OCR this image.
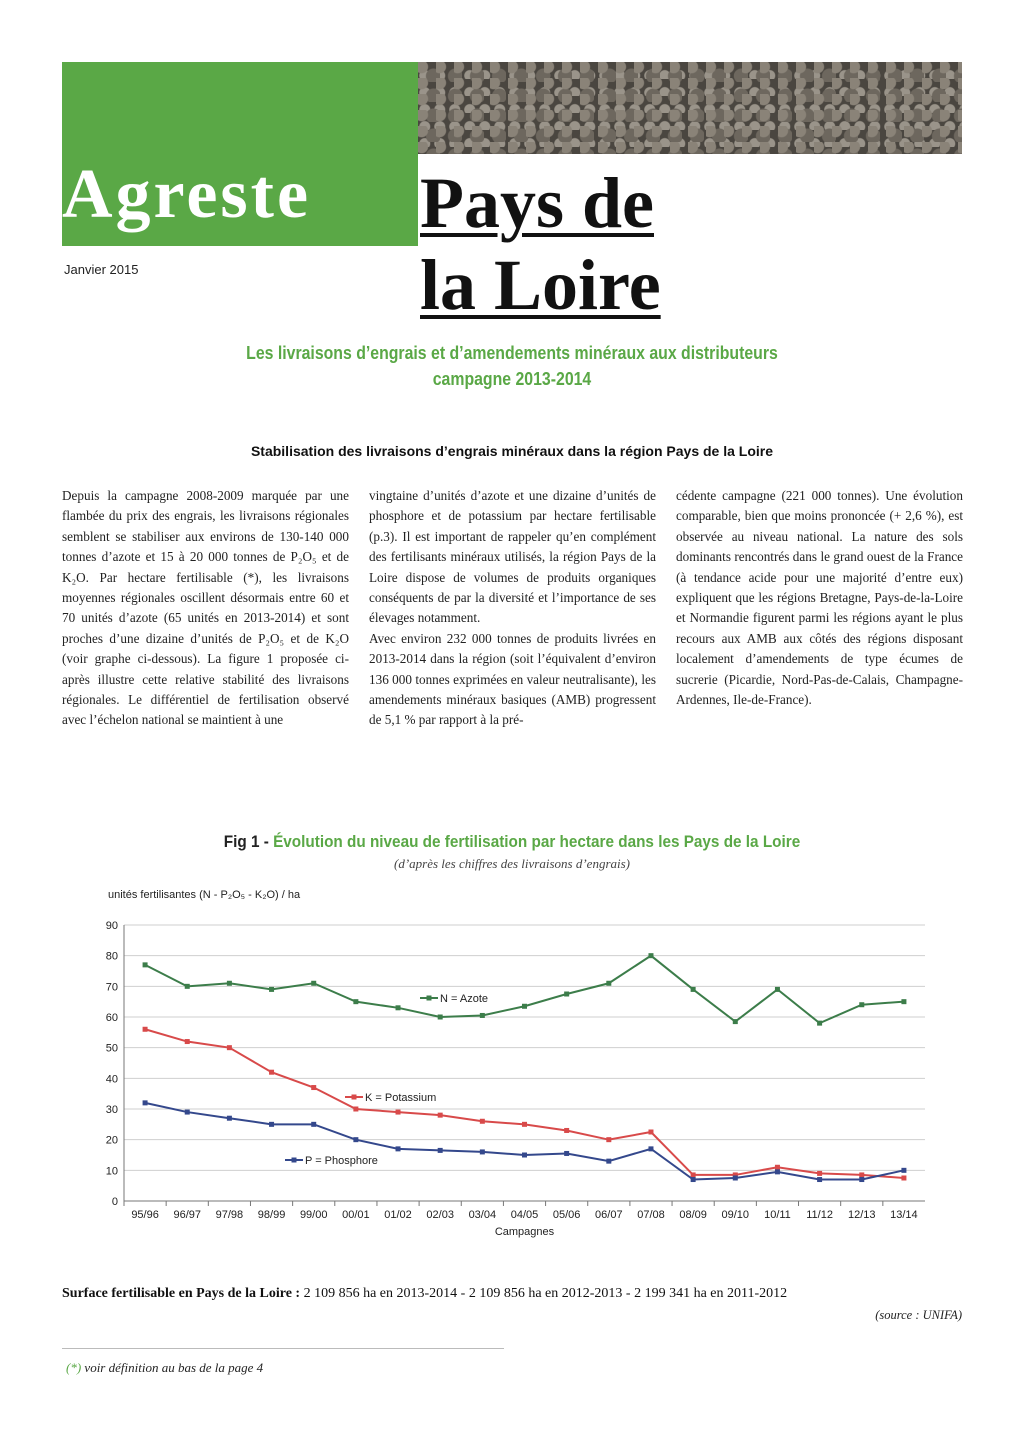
Agreste	Pays de
la Loire
Janvier 2015
Les livraisons d’engrais et d’amendements minéraux aux distributeurs
campagne 2013-2014
Stabilisation des livraisons d’engrais minéraux dans la région Pays de la Loire
Depuis la campagne 2008-2009 marquée par une flambée du prix des engrais, les livraisons régionales semblent se stabiliser aux environs de 130-140 000 tonnes d’azote et 15 à 20 000 tonnes de P₂O₅ et de K₂O. Par hectare fertilisable (*), les livraisons moyennes régionales oscillent désormais entre 60 et 70 unités d’azote (65 unités en 2013-2014) et sont proches d’une dizaine d’unités de P₂O₅ et de K₂O (voir graphe ci-dessous). La figure 1 proposée ci-après illustre cette relative stabilité des livraisons régionales. Le différentiel de fertilisation observé avec l’échelon national se maintient à une
vingtaine d’unités d’azote et une dizaine d’unités de phosphore et de potassium par hectare fertilisable (p.3). Il est important de rappeler qu’en complément des fertilisants minéraux utilisés, la région Pays de la Loire dispose de volumes de produits organiques conséquents de par la diversité et l’importance de ses élevages notamment.
Avec environ 232 000 tonnes de produits livrées en 2013-2014 dans la région (soit l’équivalent d’environ 136 000 tonnes exprimées en valeur neutralisante), les amendements minéraux basiques (AMB) progressent de 5,1 % par rapport à la pré-
cédente campagne (221 000 tonnes). Une évolution comparable, bien que moins prononcée (+ 2,6 %), est observée au niveau national. La nature des sols dominants rencontrés dans le grand ouest de la France (à tendance acide pour une majorité d’entre eux) expliquent que les régions Bretagne, Pays-de-la-Loire et Normandie figurent parmi les régions ayant le plus recours aux AMB aux côtés des régions disposant localement d’amendements de type écumes de sucrerie (Picardie, Nord-Pas-de-Calais, Champagne-Ardennes, Ile-de-France).
Fig 1 - Évolution du niveau de fertilisation par hectare dans les Pays de la Loire
(d’après les chiffres des livraisons d’engrais)
unités fertilisantes (N - P₂O₅ - K₂O) / ha
0
10
20
30
40
50
60
70
80
90
95/96 96/97 97/98 98/99 99/00 00/01 01/02 02/03 03/04 04/05 05/06 06/07 07/08 08/09 09/10 10/11 11/12 12/13 13/14
Campagnes
N = Azote
K = Potassium
P = Phosphore
Surface fertilisable en Pays de la Loire : 2 109 856 ha en 2013-2014 - 2 109 856 ha en 2012-2013 - 2 199 341 ha en 2011-2012
(source : UNIFA)
(*) voir définition au bas de la page 4
